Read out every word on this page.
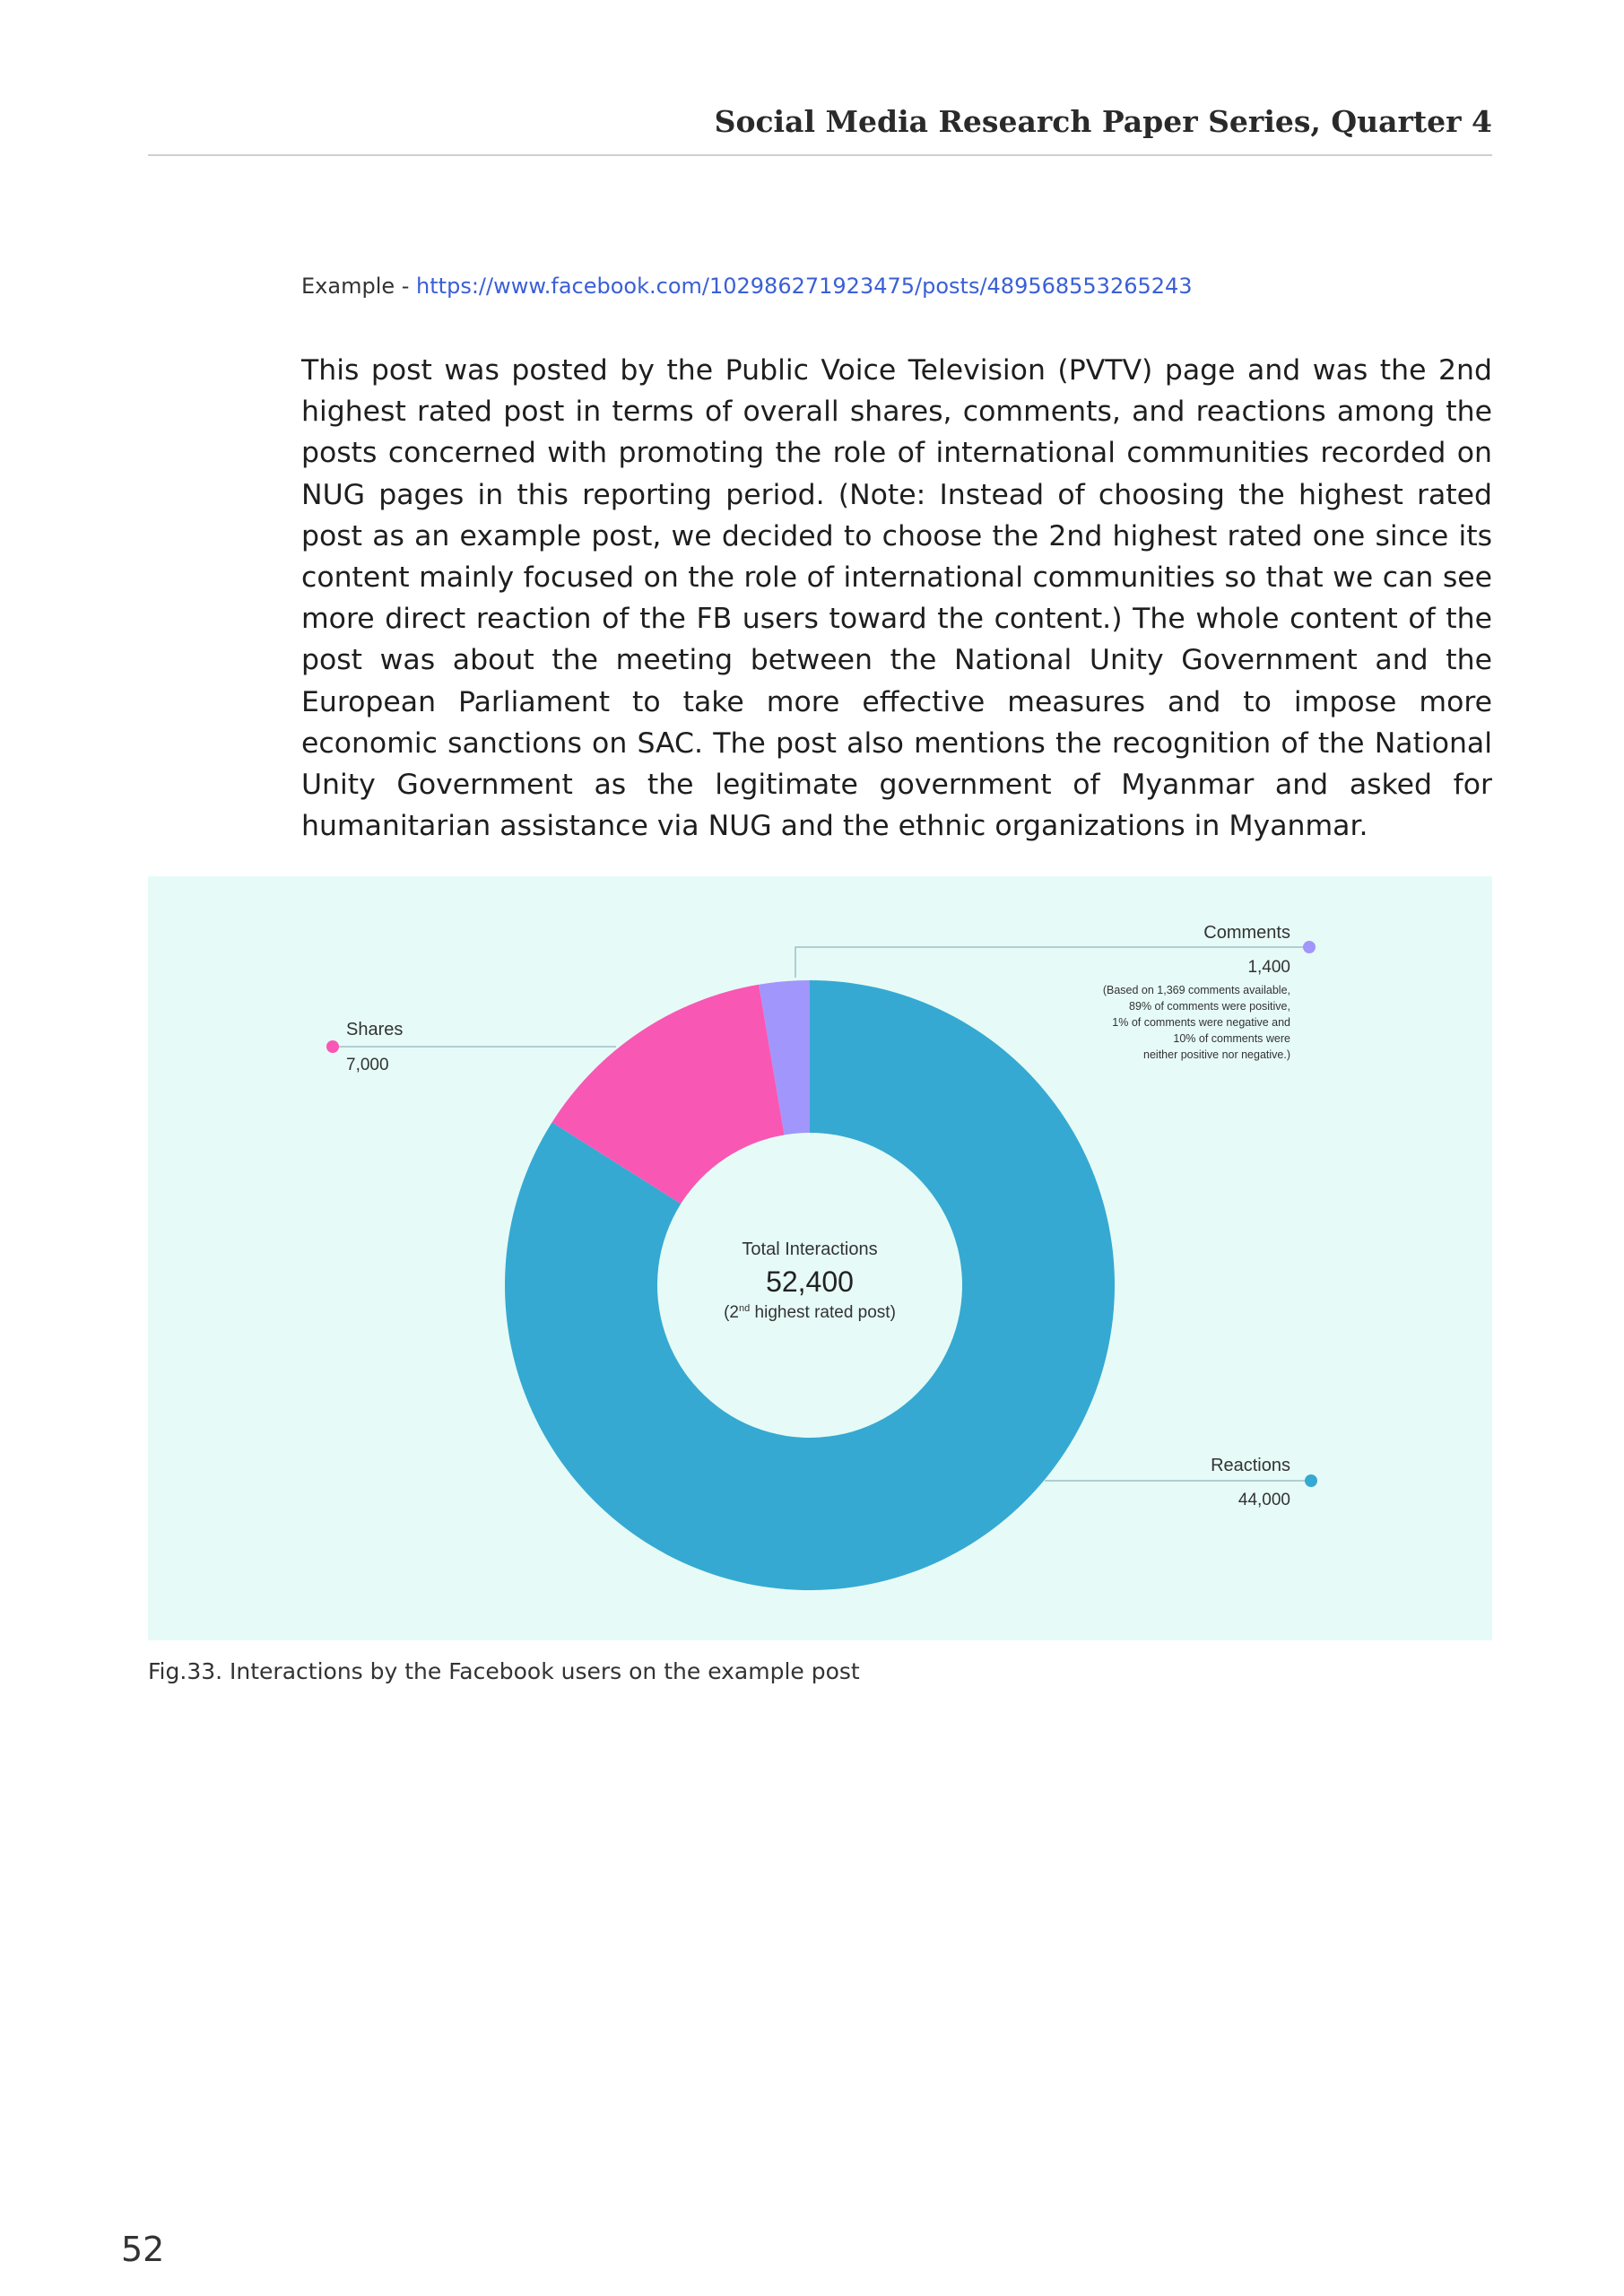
Social Media Research Paper Series, Quarter 4
Example - https://www.facebook.com/102986271923475/posts/489568553265243

This post was posted by the Public Voice Television (PVTV) page and was the 2nd highest rated post in terms of overall shares, comments, and reactions among the posts concerned with promoting the role of international communities recorded on NUG pages in this reporting period. (Note: Instead of choosing the highest rated post as an example post, we decided to choose the 2nd highest rated one since its content mainly focused on the role of international communities so that we can see more direct reaction of the FB users toward the content.) The whole content of the post was about the meeting between the National Unity Government and the European Parliament to take more effective measures and to impose more economic sanctions on SAC. The post also mentions the recognition of the National Unity Government as the legitimate government of Myanmar and asked for humanitarian assistance via NUG and the ethnic organizations in Myanmar.

Total Interactions
52,400
(2nd highest rated post)
Comments
1,400
(Based on 1,369 comments available,
89% of comments were positive,
1% of comments were negative and
10% of comments were
neither positive nor negative.)
Shares
7,000
Reactions
44,000
Fig.33. Interactions by the Facebook users on the example post
52
